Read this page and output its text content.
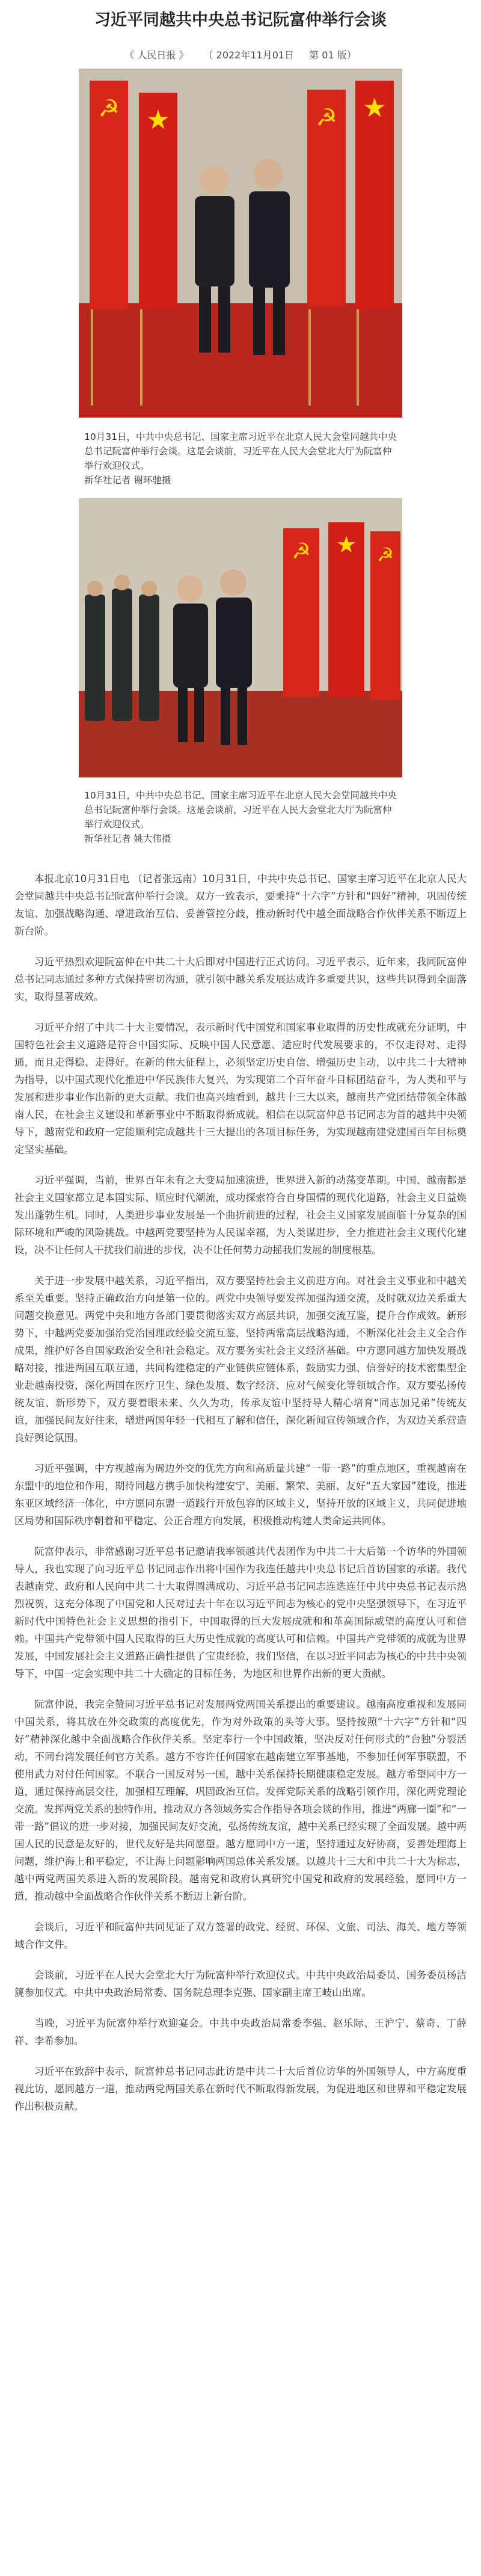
习近平同越共中央总书记阮富仲举行会谈
《 人民日报 》 （ 2022年11月01日 第 01 版）
☭ ★	☭ ★

10月31日，中共中央总书记、国家主席习近平在北京人民大会堂同越共中央总书记阮富仲举行会谈。这是会谈前，习近平在人民大会堂北大厅为阮富仲举行欢迎仪式。

新华社记者 谢环驰摄

☭ ★ ☭

10月31日，中共中央总书记、国家主席习近平在北京人民大会堂同越共中央总书记阮富仲举行会谈。这是会谈前，习近平在人民大会堂北大厅为阮富仲举行欢迎仪式。

新华社记者 姚大伟摄

本报北京10月31日电 （记者张远南）10月31日，中共中央总书记、国家主席习近平在北京人民大会堂同越共中央总书记阮富仲举行会谈。双方一致表示，要秉持“十六字”方针和“四好”精神，巩固传统友谊、加强战略沟通、增进政治互信、妥善管控分歧，推动新时代中越全面战略合作伙伴关系不断迈上新台阶。

习近平热烈欢迎阮富仲在中共二十大后即对中国进行正式访问。习近平表示，近年来，我同阮富仲总书记同志通过多种方式保持密切沟通，就引领中越关系发展达成许多重要共识，这些共识得到全面落实，取得显著成效。

习近平介绍了中共二十大主要情况，表示新时代中国党和国家事业取得的历史性成就充分证明，中国特色社会主义道路是符合中国实际、反映中国人民意愿、适应时代发展要求的，不仅走得对、走得通，而且走得稳、走得好。在新的伟大征程上，必须坚定历史自信、增强历史主动，以中共二十大精神为指导，以中国式现代化推进中华民族伟大复兴，为实现第二个百年奋斗目标团结奋斗，为人类和平与发展和进步事业作出新的更大贡献。我们也高兴地看到，越共十三大以来，越南共产党团结带领全体越南人民，在社会主义建设和革新事业中不断取得新成就。相信在以阮富仲总书记同志为首的越共中央领导下，越南党和政府一定能顺利完成越共十三大提出的各项目标任务，为实现越南建党建国百年目标奠定坚实基础。

习近平强调，当前，世界百年未有之大变局加速演进，世界进入新的动荡变革期。中国、越南都是社会主义国家都立足本国实际、顺应时代潮流，成功探索符合自身国情的现代化道路，社会主义日益焕发出蓬勃生机。同时，人类进步事业发展是一个曲折前进的过程，社会主义国家发展面临十分复杂的国际环境和严峻的风险挑战。中越两党要坚持为人民谋幸福，为人类谋进步，全力推进社会主义现代化建设，决不让任何人干扰我们前进的步伐，决不让任何势力动摇我们发展的制度根基。

关于进一步发展中越关系，习近平指出，双方要坚持社会主义前进方向。对社会主义事业和中越关系至关重要。坚持正确政治方向是第一位的。两党中央领导要发挥加强沟通交流，及时就双边关系重大问题交换意见。两党中央和地方各部门要贯彻落实双方高层共识，加强交流互鉴，提升合作成效。新形势下，中越两党要加强治党治国理政经验交流互鉴，坚持两常高层战略沟通，不断深化社会主义全合作成果，维护好各自国家政治安全和社会稳定。双方要务实社会主义经济基础。中方愿同越方加快发展战略对接，推进两国互联互通，共同构建稳定的产业链供应链体系，鼓励实力强、信誉好的技术密集型企业赴越南投资，深化两国在医疗卫生、绿色发展、数字经济、应对气候变化等领域合作。双方要弘扬传统友谊、新形势下，双方要着眼未来、久久为功，传承友谊中坚持导人精心培育“同志加兄弟”传统友谊，加强民间友好往来，增进两国年轻一代相互了解和信任，深化新闻宣传领域合作，为双边关系营造良好舆论氛围。

习近平强调，中方视越南为周边外交的优先方向和高质量共建“一带一路”的重点地区，重视越南在东盟中的地位和作用，期待同越方携手加快构建安宁、美丽、繁荣、美丽、友好“五大家园”建设，推进东亚区域经济一体化，中方愿同东盟一道践行开放包容的区域主义，坚持开放的区域主义，共同促进地区局势和国际秩序朝着和平稳定、公正合理方向发展，积极推动构建人类命运共同体。

阮富仲表示，非常感谢习近平总书记邀请我率领越共代表团作为中共二十大后第一个访华的外国领导人，我也实现了向习近平总书记同志作出将中国作为我连任越共中央总书记后首访国家的承诺。我代表越南党、政府和人民向中共二十大取得圆满成功、习近平总书记同志连选连任中共中央总书记表示热烈祝贺，这充分体现了中国党和人民对过去十年在以习近平同志为核心的党中央坚强领导下，在习近平新时代中国特色社会主义思想的指引下，中国取得的巨大发展成就和和革高国际威望的高度认可和信赖。中国共产党带领中国人民取得的巨大历史性成就的高度认可和信赖。中国共产党带领的成就为世界发展，中国发展社会主义道路正确性提供了宝贵经验，我们坚信，在以习近平同志为核心的中共中央领导下，中国一定会实现中共二十大确定的目标任务，为地区和世界作出新的更大贡献。

阮富仲说，我完全赞同习近平总书记对发展两党两国关系提出的重要建议。越南高度重视和发展同中国关系，将其放在外交政策的高度优先，作为对外政策的头等大事。坚持按照“十六字”方针和“四好”精神深化越中全面战略合作伙伴关系。坚定奉行一个中国政策，坚决反对任何形式的“台独”分裂活动，不同台湾发展任何官方关系。越方不容许任何国家在越南建立军事基地，不参加任何军事联盟，不使用武力对付任何国家。不联合一国反对另一国，越中关系保持长期健康稳定发展。越方希望同中方一道，通过保持高层交往，加强相互理解，巩固政治互信。发挥党际关系的战略引领作用，深化两党理论交流。发挥两党关系的独特作用，推动双方各领域务实合作指导各项会谈的作用，推进“两廊一圈”和“一带一路”倡议的进一步对接，加强民间友好交流，弘扬传统友谊，越中关系已经实现了全面发展。越中两国人民的民意是友好的，世代友好是共同愿望。越方愿同中方一道，坚持通过友好协商，妥善处理海上问题，维护海上和平稳定，不让海上问题影响两国总体关系发展。以越共十三大和中共二十大为标志，越中两党两国关系进入新的发展阶段。越南党和政府认真研究中国党和政府的发展经验，愿同中方一道，推动越中全面战略合作伙伴关系不断迈上新台阶。

会谈后，习近平和阮富仲共同见证了双方签署的政党、经贸、环保、文旅、司法、海关、地方等领域合作文件。

会谈前，习近平在人民大会堂北大厅为阮富仲举行欢迎仪式。中共中央政治局委员、国务委员杨洁篪参加仪式。中共中央政治局常委、国务院总理李克强、国家副主席王岐山出席。

当晚，习近平为阮富仲举行欢迎宴会。中共中央政治局常委李强、赵乐际、王沪宁、蔡奇、丁薛祥、李希参加。

习近平在致辞中表示，阮富仲总书记同志此访是中共二十大后首位访华的外国领导人，中方高度重视此访，愿同越方一道，推动两党两国关系在新时代不断取得新发展，为促进地区和世界和平稳定发展作出积极贡献。
